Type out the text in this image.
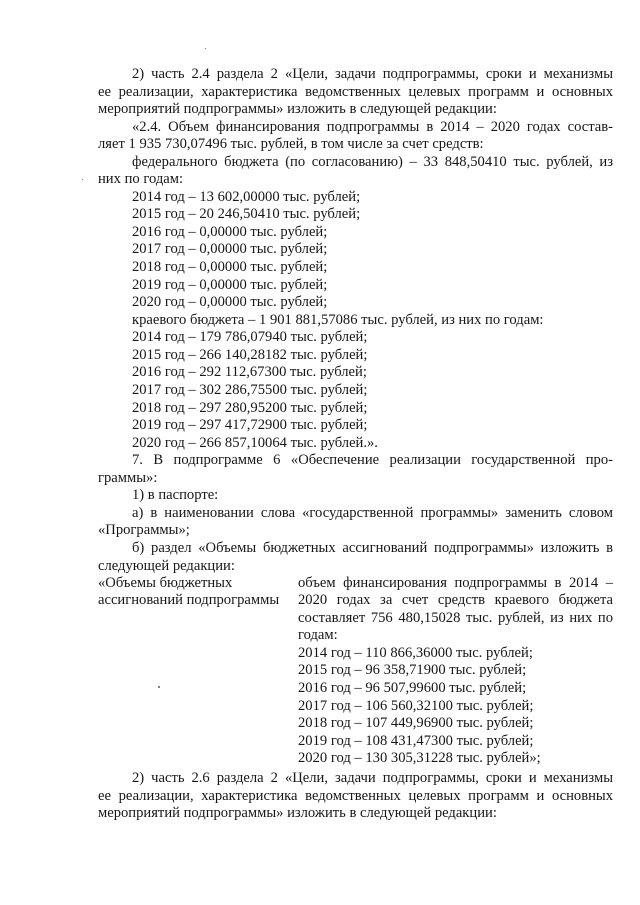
2) часть 2.4 раздела 2 «Цели, задачи подпрограммы, сроки и механизмы
ее реализации, характеристика ведомственных целевых программ и основных
мероприятий подпрограммы» изложить в следующей редакции:
«2.4. Объем финансирования подпрограммы в 2014 – 2020 годах состав-
ляет 1 935 730,07496 тыс. рублей, в том числе за счет средств:
федерального бюджета (по согласованию) – 33 848,50410 тыс. рублей, из
них по годам:
2014 год – 13 602,00000 тыс. рублей;
2015 год – 20 246,50410 тыс. рублей;
2016 год – 0,00000 тыс. рублей;
2017 год – 0,00000 тыс. рублей;
2018 год – 0,00000 тыс. рублей;
2019 год – 0,00000 тыс. рублей;
2020 год – 0,00000 тыс. рублей;
краевого бюджета – 1 901 881,57086 тыс. рублей, из них по годам:
2014 год – 179 786,07940 тыс. рублей;
2015 год – 266 140,28182 тыс. рублей;
2016 год – 292 112,67300 тыс. рублей;
2017 год – 302 286,75500 тыс. рублей;
2018 год – 297 280,95200 тыс. рублей;
2019 год – 297 417,72900 тыс. рублей;
2020 год – 266 857,10064 тыс. рублей.».
7. В подпрограмме 6 «Обеспечение реализации государственной про-
граммы»:
1) в паспорте:
а) в наименовании слова «государственной программы» заменить словом
«Программы»;
б) раздел «Объемы бюджетных ассигнований подпрограммы» изложить в
следующей редакции:
«Объемы бюджетных
ассигнований подпрограммы
объем финансирования подпрограммы в 2014 –
2020 годах за счет средств краевого бюджета
составляет 756 480,15028 тыс. рублей, из них по
годам:
2014 год – 110 866,36000 тыс. рублей;
2015 год – 96 358,71900 тыс. рублей;
2016 год – 96 507,99600 тыс. рублей;
2017 год – 106 560,32100 тыс. рублей;
2018 год – 107 449,96900 тыс. рублей;
2019 год – 108 431,47300 тыс. рублей;
2020 год – 130 305,31228 тыс. рублей»;
2) часть 2.6 раздела 2 «Цели, задачи подпрограммы, сроки и механизмы
ее реализации, характеристика ведомственных целевых программ и основных
мероприятий подпрограммы» изложить в следующей редакции:
